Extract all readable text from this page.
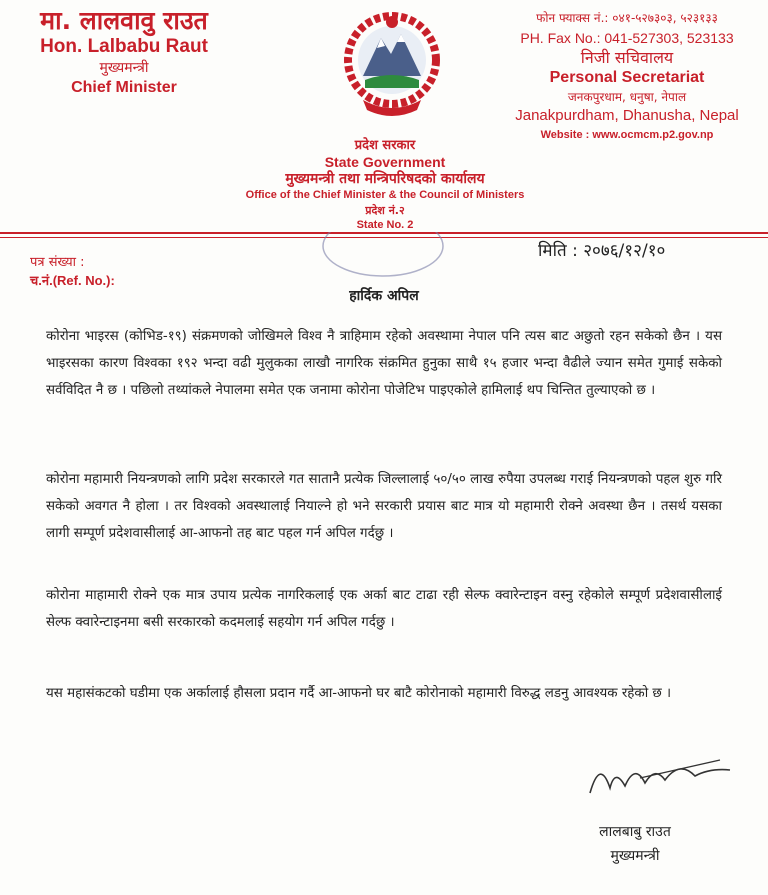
मा. लालवावु राउत
Hon. Lalbabu Raut
मुख्यमन्त्री
Chief Minister
फोन फ्याक्स नं.: ०४१-५२७३०३, ५२३१३३
PH. Fax No.: 041-527303, 523133
निजी सचिवालय
Personal Secretariat
जनकपुरधाम, धनुषा, नेपाल
Janakpurdham, Dhanusha, Nepal
Website : www.ocmcm.p2.gov.np
प्रदेश सरकार
State Government
मुख्यमन्त्री तथा मन्त्रिपरिषदको कार्यालय
Office of the Chief Minister & the Council of Ministers
प्रदेश नं.२
State No. 2
पत्र संख्या :
च.नं.(Ref. No.):
मिति : २०७६/१२/१०
हार्दिक अपिल
कोरोना भाइरस (कोभिड-१९) संक्रमणको जोखिमले विश्व नै त्राहिमाम रहेको अवस्थामा नेपाल पनि त्यस बाट अछुतो रहन सकेको छैन । यस भाइरसका कारण विश्वका १९२ भन्दा वढी मुलुकका लाखौ नागरिक संक्रमित हुनुका साथै १५ हजार भन्दा वैढीले ज्यान समेत गुमाई सकेको सर्वविदित नै छ । पछिलो तथ्यांकले नेपालमा समेत एक जनामा कोरोना पोजेटिभ पाइएकोले हामिलाई थप चिन्तित तुल्याएको छ ।
कोरोना महामारी नियन्त्रणको लागि प्रदेश सरकारले गत सातानै प्रत्येक जिल्लालाई ५०/५० लाख रुपैया उपलब्ध गराई नियन्त्रणको पहल शुरु गरि सकेको अवगत नै होला । तर विश्वको अवस्थालाई नियाल्ने हो भने सरकारी प्रयास बाट मात्र यो महामारी रोक्ने अवस्था छैन । तसर्थ यसका लागी सम्पूर्ण प्रदेशवासीलाई आ-आफनो तह बाट पहल गर्न अपिल गर्दछु ।
कोरोना माहामारी रोक्ने एक मात्र उपाय प्रत्येक नागरिकलाई एक अर्का बाट टाढा रही सेल्फ क्वारेन्टाइन वस्नु रहेकोले सम्पूर्ण प्रदेशवासीलाई सेल्फ क्वारेन्टाइनमा बसी सरकारको कदमलाई सहयोग गर्न अपिल गर्दछु ।
यस महासंकटको घडीमा एक अर्कालाई हौसला प्रदान गर्दै आ-आफनो घर बाटै कोरोनाको महामारी विरुद्ध लडनु आवश्यक रहेको छ ।
लालबाबु राउत
मुख्यमन्त्री
